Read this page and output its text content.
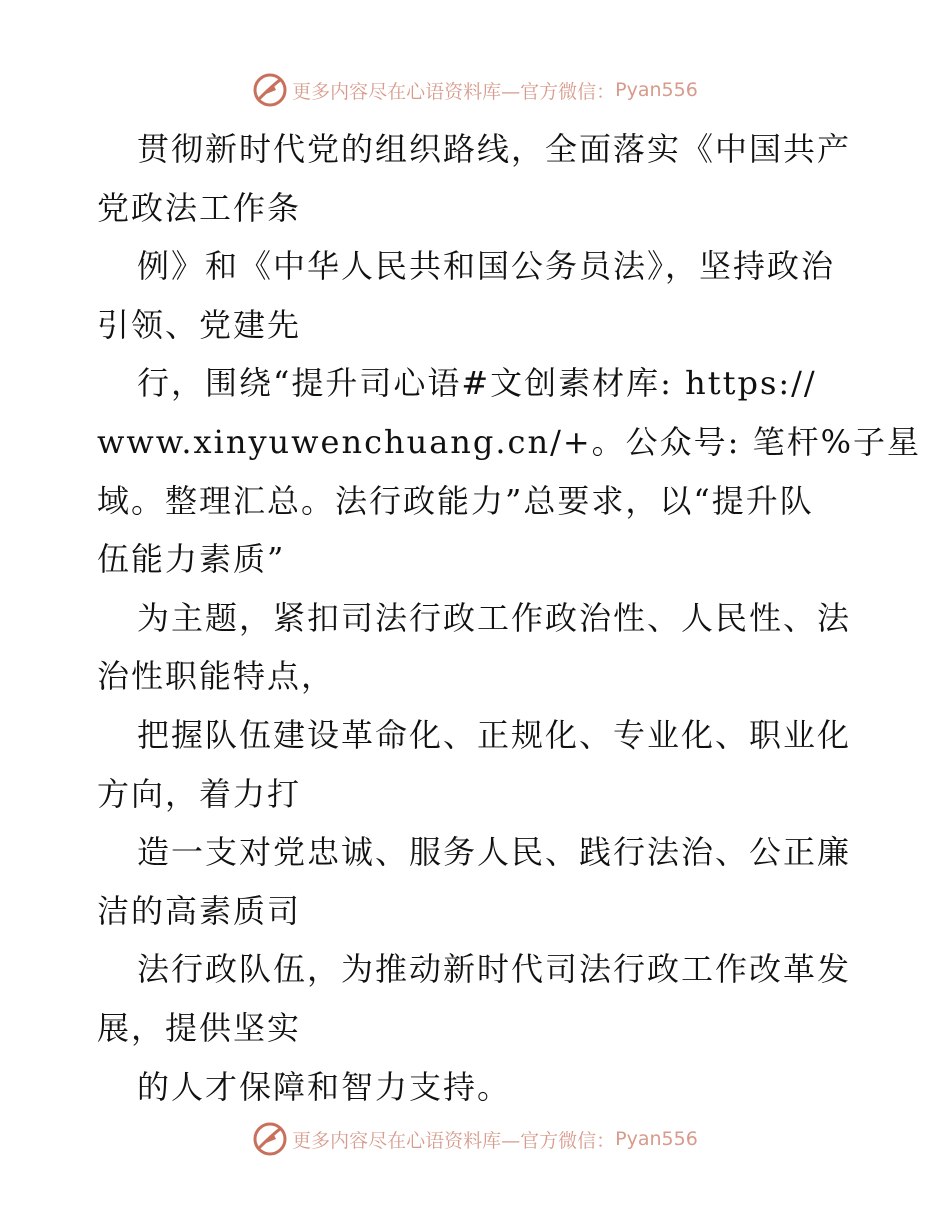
更多内容尽在心语资料库—官方微信： Pyan556
贯彻新时代党的组织路线，全面落实《中国共产
党政法工作条
例》和《中华人民共和国公务员法》，坚持政治
引领、党建先
行，围绕“提升司心语#文创素材库: https://
www.xinyuwenchuang.cn/+。公众号: 笔杆%子星
域。整理汇总。法行政能力”总要求，以“提升队
伍能力素质”
为主题，紧扣司法行政工作政治性、人民性、法
治性职能特点，
把握队伍建设革命化、正规化、专业化、职业化
方向，着力打
造一支对党忠诚、服务人民、践行法治、公正廉
洁的高素质司
法行政队伍，为推动新时代司法行政工作改革发
展，提供坚实
的人才保障和智力支持。
更多内容尽在心语资料库—官方微信： Pyan556
